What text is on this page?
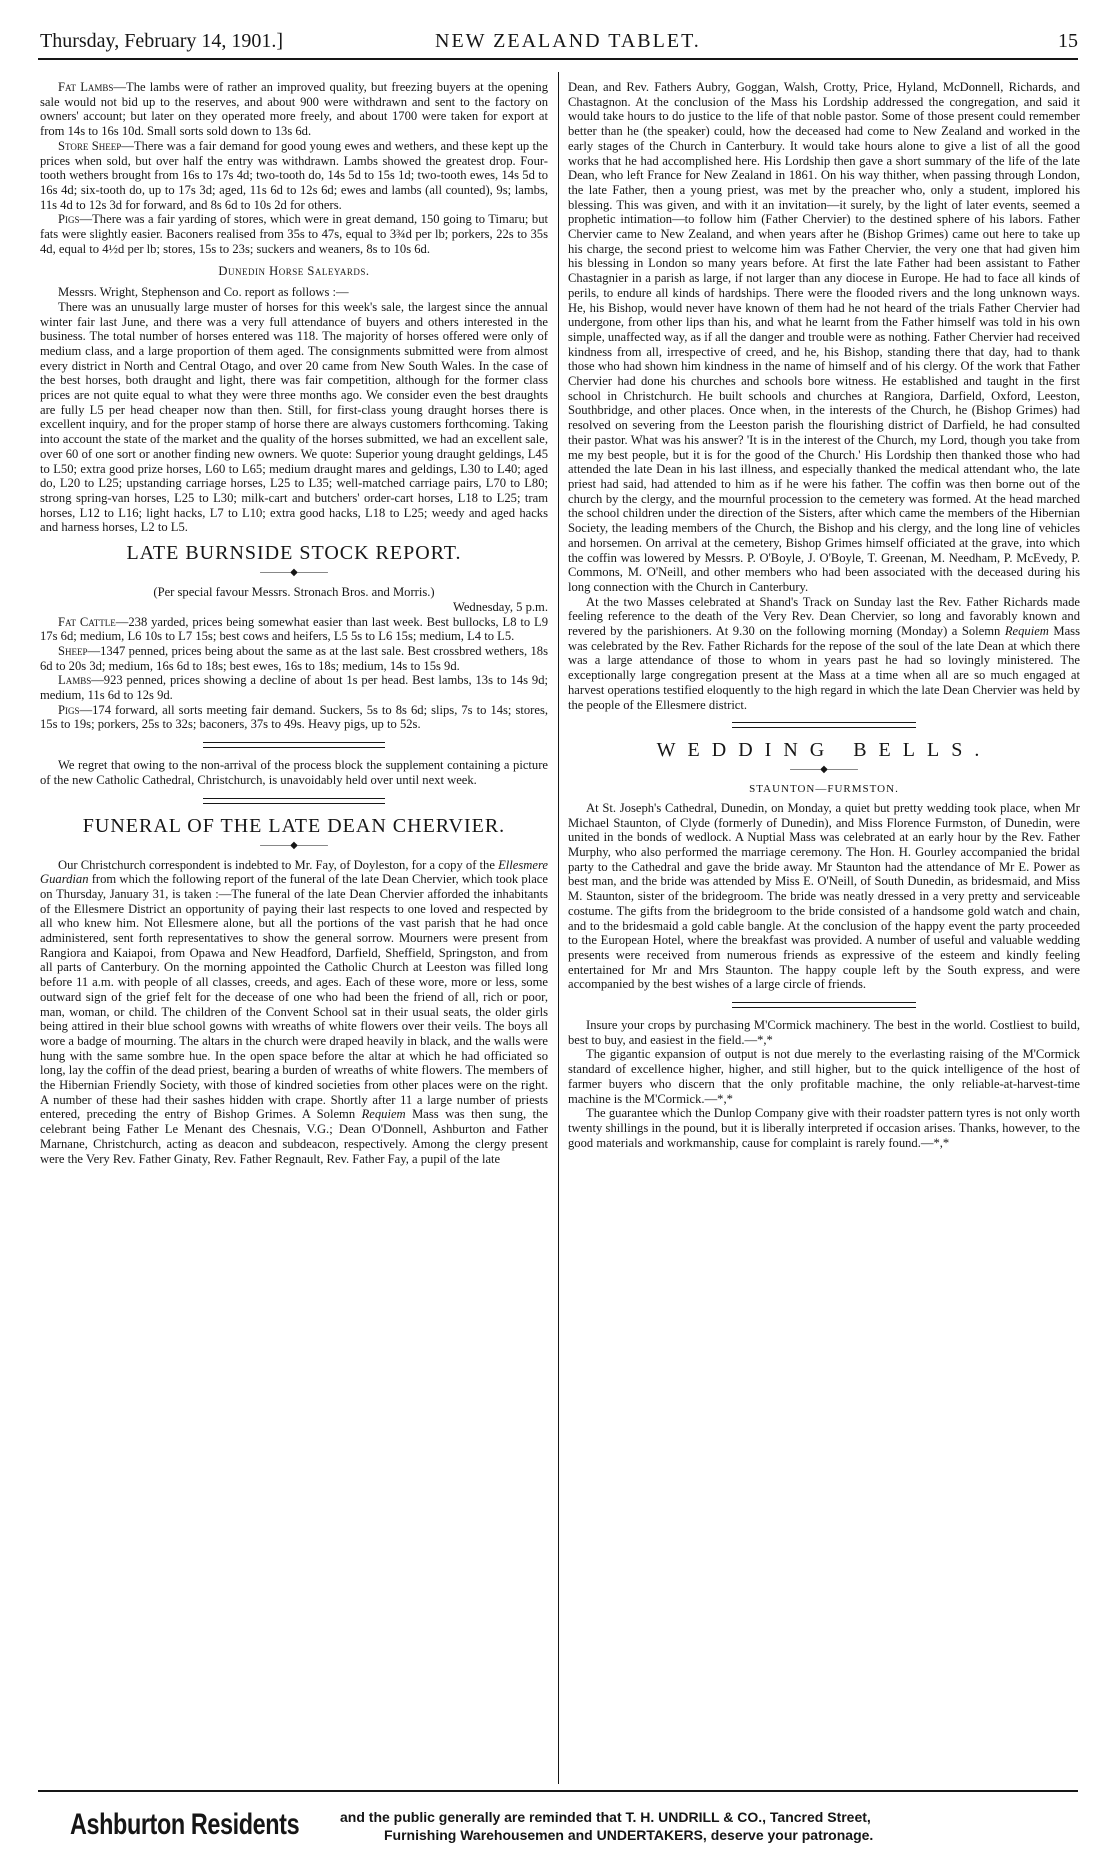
Thursday, February 14, 1901.]	NEW ZEALAND TABLET.	15

Fat Lambs—The lambs were of rather an improved quality, but freezing buyers at the opening sale would not bid up to the reserves, and about 900 were withdrawn and sent to the factory on owners' account; but later on they operated more freely, and about 1700 were taken for export at from 14s to 16s 10d. Small sorts sold down to 13s 6d.

Store Sheep—There was a fair demand for good young ewes and wethers, and these kept up the prices when sold, but over half the entry was withdrawn. Lambs showed the greatest drop. Four-tooth wethers brought from 16s to 17s 4d; two-tooth do, 14s 5d to 15s 1d; two-tooth ewes, 14s 5d to 16s 4d; six-tooth do, up to 17s 3d; aged, 11s 6d to 12s 6d; ewes and lambs (all counted), 9s; lambs, 11s 4d to 12s 3d for forward, and 8s 6d to 10s 2d for others.

Pigs—There was a fair yarding of stores, which were in great demand, 150 going to Timaru; but fats were slightly easier. Baconers realised from 35s to 47s, equal to 3¾d per lb; porkers, 22s to 35s 4d, equal to 4½d per lb; stores, 15s to 23s; suckers and weaners, 8s to 10s 6d.

Dunedin Horse Saleyards.

Messrs. Wright, Stephenson and Co. report as follows :—

There was an unusually large muster of horses for this week's sale, the largest since the annual winter fair last June, and there was a very full attendance of buyers and others interested in the business. The total number of horses entered was 118. The majority of horses offered were only of medium class, and a large proportion of them aged. The consignments submitted were from almost every district in North and Central Otago, and over 20 came from New South Wales. In the case of the best horses, both draught and light, there was fair competition, although for the former class prices are not quite equal to what they were three months ago. We consider even the best draughts are fully L5 per head cheaper now than then. Still, for first-class young draught horses there is excellent inquiry, and for the proper stamp of horse there are always customers forthcoming. Taking into account the state of the market and the quality of the horses submitted, we had an excellent sale, over 60 of one sort or another finding new owners. We quote: Superior young draught geldings, L45 to L50; extra good prize horses, L60 to L65; medium draught mares and geldings, L30 to L40; aged do, L20 to L25; upstanding carriage horses, L25 to L35; well-matched carriage pairs, L70 to L80; strong spring-van horses, L25 to L30; milk-cart and butchers' order-cart horses, L18 to L25; tram horses, L12 to L16; light hacks, L7 to L10; extra good hacks, L18 to L25; weedy and aged hacks and harness horses, L2 to L5.

LATE BURNSIDE STOCK REPORT.
———◆———
(Per special favour Messrs. Stronach Bros. and Morris.)

Wednesday, 5 p.m.

Fat Cattle—238 yarded, prices being somewhat easier than last week. Best bullocks, L8 to L9 17s 6d; medium, L6 10s to L7 15s; best cows and heifers, L5 5s to L6 15s; medium, L4 to L5.

Sheep—1347 penned, prices being about the same as at the last sale. Best crossbred wethers, 18s 6d to 20s 3d; medium, 16s 6d to 18s; best ewes, 16s to 18s; medium, 14s to 15s 9d.

Lambs—923 penned, prices showing a decline of about 1s per head. Best lambs, 13s to 14s 9d; medium, 11s 6d to 12s 9d.

Pigs—174 forward, all sorts meeting fair demand. Suckers, 5s to 8s 6d; slips, 7s to 14s; stores, 15s to 19s; porkers, 25s to 32s; baconers, 37s to 49s. Heavy pigs, up to 52s.

We regret that owing to the non-arrival of the process block the supplement containing a picture of the new Catholic Cathedral, Christchurch, is unavoidably held over until next week.

FUNERAL OF THE LATE DEAN CHERVIER.
———◆———

Our Christchurch correspondent is indebted to Mr. Fay, of Doyleston, for a copy of the Ellesmere Guardian from which the following report of the funeral of the late Dean Chervier, which took place on Thursday, January 31, is taken :—The funeral of the late Dean Chervier afforded the inhabitants of the Ellesmere District an opportunity of paying their last respects to one loved and respected by all who knew him. Not Ellesmere alone, but all the portions of the vast parish that he had once administered, sent forth representatives to show the general sorrow. Mourners were present from Rangiora and Kaiapoi, from Opawa and New Headford, Darfield, Sheffield, Springston, and from all parts of Canterbury. On the morning appointed the Catholic Church at Leeston was filled long before 11 a.m. with people of all classes, creeds, and ages. Each of these wore, more or less, some outward sign of the grief felt for the decease of one who had been the friend of all, rich or poor, man, woman, or child. The children of the Convent School sat in their usual seats, the older girls being attired in their blue school gowns with wreaths of white flowers over their veils. The boys all wore a badge of mourning. The altars in the church were draped heavily in black, and the walls were hung with the same sombre hue. In the open space before the altar at which he had officiated so long, lay the coffin of the dead priest, bearing a burden of wreaths of white flowers. The members of the Hibernian Friendly Society, with those of kindred societies from other places were on the right. A number of these had their sashes hidden with crape. Shortly after 11 a large number of priests entered, preceding the entry of Bishop Grimes. A Solemn Requiem Mass was then sung, the celebrant being Father Le Menant des Chesnais, V.G.; Dean O'Donnell, Ashburton and Father Marnane, Christchurch, acting as deacon and subdeacon, respectively. Among the clergy present were the Very Rev. Father Ginaty, Rev. Father Regnault, Rev. Father Fay, a pupil of the late

Dean, and Rev. Fathers Aubry, Goggan, Walsh, Crotty, Price, Hyland, McDonnell, Richards, and Chastagnon. At the conclusion of the Mass his Lordship addressed the congregation, and said it would take hours to do justice to the life of that noble pastor. Some of those present could remember better than he (the speaker) could, how the deceased had come to New Zealand and worked in the early stages of the Church in Canterbury. It would take hours alone to give a list of all the good works that he had accomplished here. His Lordship then gave a short summary of the life of the late Dean, who left France for New Zealand in 1861. On his way thither, when passing through London, the late Father, then a young priest, was met by the preacher who, only a student, implored his blessing. This was given, and with it an invitation—it surely, by the light of later events, seemed a prophetic intimation—to follow him (Father Chervier) to the destined sphere of his labors. Father Chervier came to New Zealand, and when years after he (Bishop Grimes) came out here to take up his charge, the second priest to welcome him was Father Chervier, the very one that had given him his blessing in London so many years before. At first the late Father had been assistant to Father Chastagnier in a parish as large, if not larger than any diocese in Europe. He had to face all kinds of perils, to endure all kinds of hardships. There were the flooded rivers and the long unknown ways. He, his Bishop, would never have known of them had he not heard of the trials Father Chervier had undergone, from other lips than his, and what he learnt from the Father himself was told in his own simple, unaffected way, as if all the danger and trouble were as nothing. Father Chervier had received kindness from all, irrespective of creed, and he, his Bishop, standing there that day, had to thank those who had shown him kindness in the name of himself and of his clergy. Of the work that Father Chervier had done his churches and schools bore witness. He established and taught in the first school in Christchurch. He built schools and churches at Rangiora, Darfield, Oxford, Leeston, Southbridge, and other places. Once when, in the interests of the Church, he (Bishop Grimes) had resolved on severing from the Leeston parish the flourishing district of Darfield, he had consulted their pastor. What was his answer? 'It is in the interest of the Church, my Lord, though you take from me my best people, but it is for the good of the Church.' His Lordship then thanked those who had attended the late Dean in his last illness, and especially thanked the medical attendant who, the late priest had said, had attended to him as if he were his father. The coffin was then borne out of the church by the clergy, and the mournful procession to the cemetery was formed. At the head marched the school children under the direction of the Sisters, after which came the members of the Hibernian Society, the leading members of the Church, the Bishop and his clergy, and the long line of vehicles and horsemen. On arrival at the cemetery, Bishop Grimes himself officiated at the grave, into which the coffin was lowered by Messrs. P. O'Boyle, J. O'Boyle, T. Greenan, M. Needham, P. McEvedy, P. Commons, M. O'Neill, and other members who had been associated with the deceased during his long connection with the Church in Canterbury.

At the two Masses celebrated at Shand's Track on Sunday last the Rev. Father Richards made feeling reference to the death of the Very Rev. Dean Chervier, so long and favorably known and revered by the parishioners. At 9.30 on the following morning (Monday) a Solemn Requiem Mass was celebrated by the Rev. Father Richards for the repose of the soul of the late Dean at which there was a large attendance of those to whom in years past he had so lovingly ministered. The exceptionally large congregation present at the Mass at a time when all are so much engaged at harvest operations testified eloquently to the high regard in which the late Dean Chervier was held by the people of the Ellesmere district.

WEDDING BELLS.
———◆———
STAUNTON—FURMSTON.

At St. Joseph's Cathedral, Dunedin, on Monday, a quiet but pretty wedding took place, when Mr Michael Staunton, of Clyde (formerly of Dunedin), and Miss Florence Furmston, of Dunedin, were united in the bonds of wedlock. A Nuptial Mass was celebrated at an early hour by the Rev. Father Murphy, who also performed the marriage ceremony. The Hon. H. Gourley accompanied the bridal party to the Cathedral and gave the bride away. Mr Staunton had the attendance of Mr E. Power as best man, and the bride was attended by Miss E. O'Neill, of South Dunedin, as bridesmaid, and Miss M. Staunton, sister of the bridegroom. The bride was neatly dressed in a very pretty and serviceable costume. The gifts from the bridegroom to the bride consisted of a handsome gold watch and chain, and to the bridesmaid a gold cable bangle. At the conclusion of the happy event the party proceeded to the European Hotel, where the breakfast was provided. A number of useful and valuable wedding presents were received from numerous friends as expressive of the esteem and kindly feeling entertained for Mr and Mrs Staunton. The happy couple left by the South express, and were accompanied by the best wishes of a large circle of friends.

Insure your crops by purchasing M'Cormick machinery. The best in the world. Costliest to build, best to buy, and easiest in the field.—*,*

The gigantic expansion of output is not due merely to the everlasting raising of the M'Cormick standard of excellence higher, higher, and still higher, but to the quick intelligence of the host of farmer buyers who discern that the only profitable machine, the only reliable-at-harvest-time machine is the M'Cormick.—*,*

The guarantee which the Dunlop Company give with their roadster pattern tyres is not only worth twenty shillings in the pound, but it is liberally interpreted if occasion arises. Thanks, however, to the good materials and workmanship, cause for complaint is rarely found.—*,*

Ashburton Residents	and the public generally are reminded that T. H. UNDRILL & CO., Tancred Street,
Furnishing Warehousemen and UNDERTAKERS, deserve your patronage.
